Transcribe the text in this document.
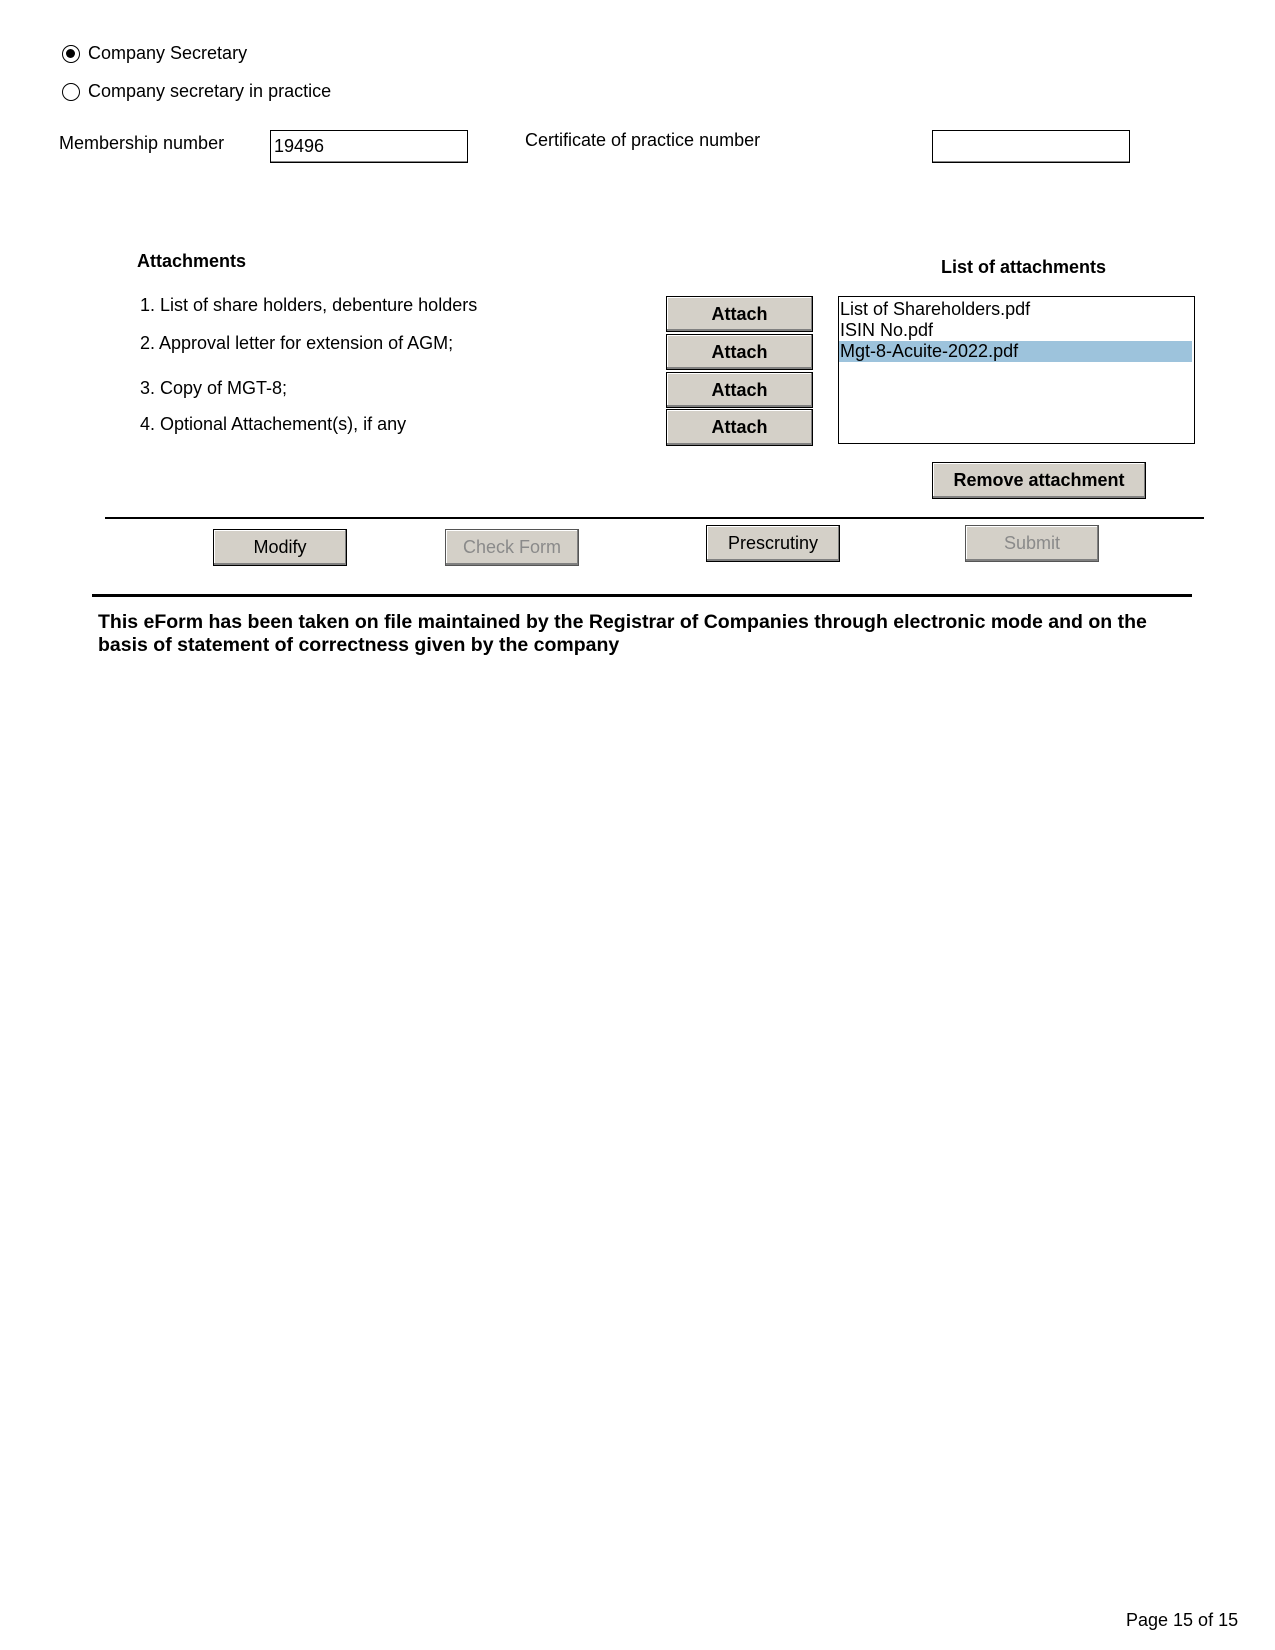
Company Secretary
Company secretary in practice
Membership number	19496	Certificate of practice number
Attachments	List of attachments
1. List of share holders, debenture holders
2. Approval letter for extension of AGM;
3. Copy of MGT-8;
4. Optional Attachement(s), if any
Attach
Attach
Attach
Attach
List of Shareholders.pdf
ISIN No.pdf
Mgt-8-Acuite-2022.pdf
Remove attachment
Modify	Check Form	Prescrutiny	Submit
This eForm has been taken on file maintained by the Registrar of Companies through electronic mode and on the basis of statement of correctness given by the company
Page 15 of 15
